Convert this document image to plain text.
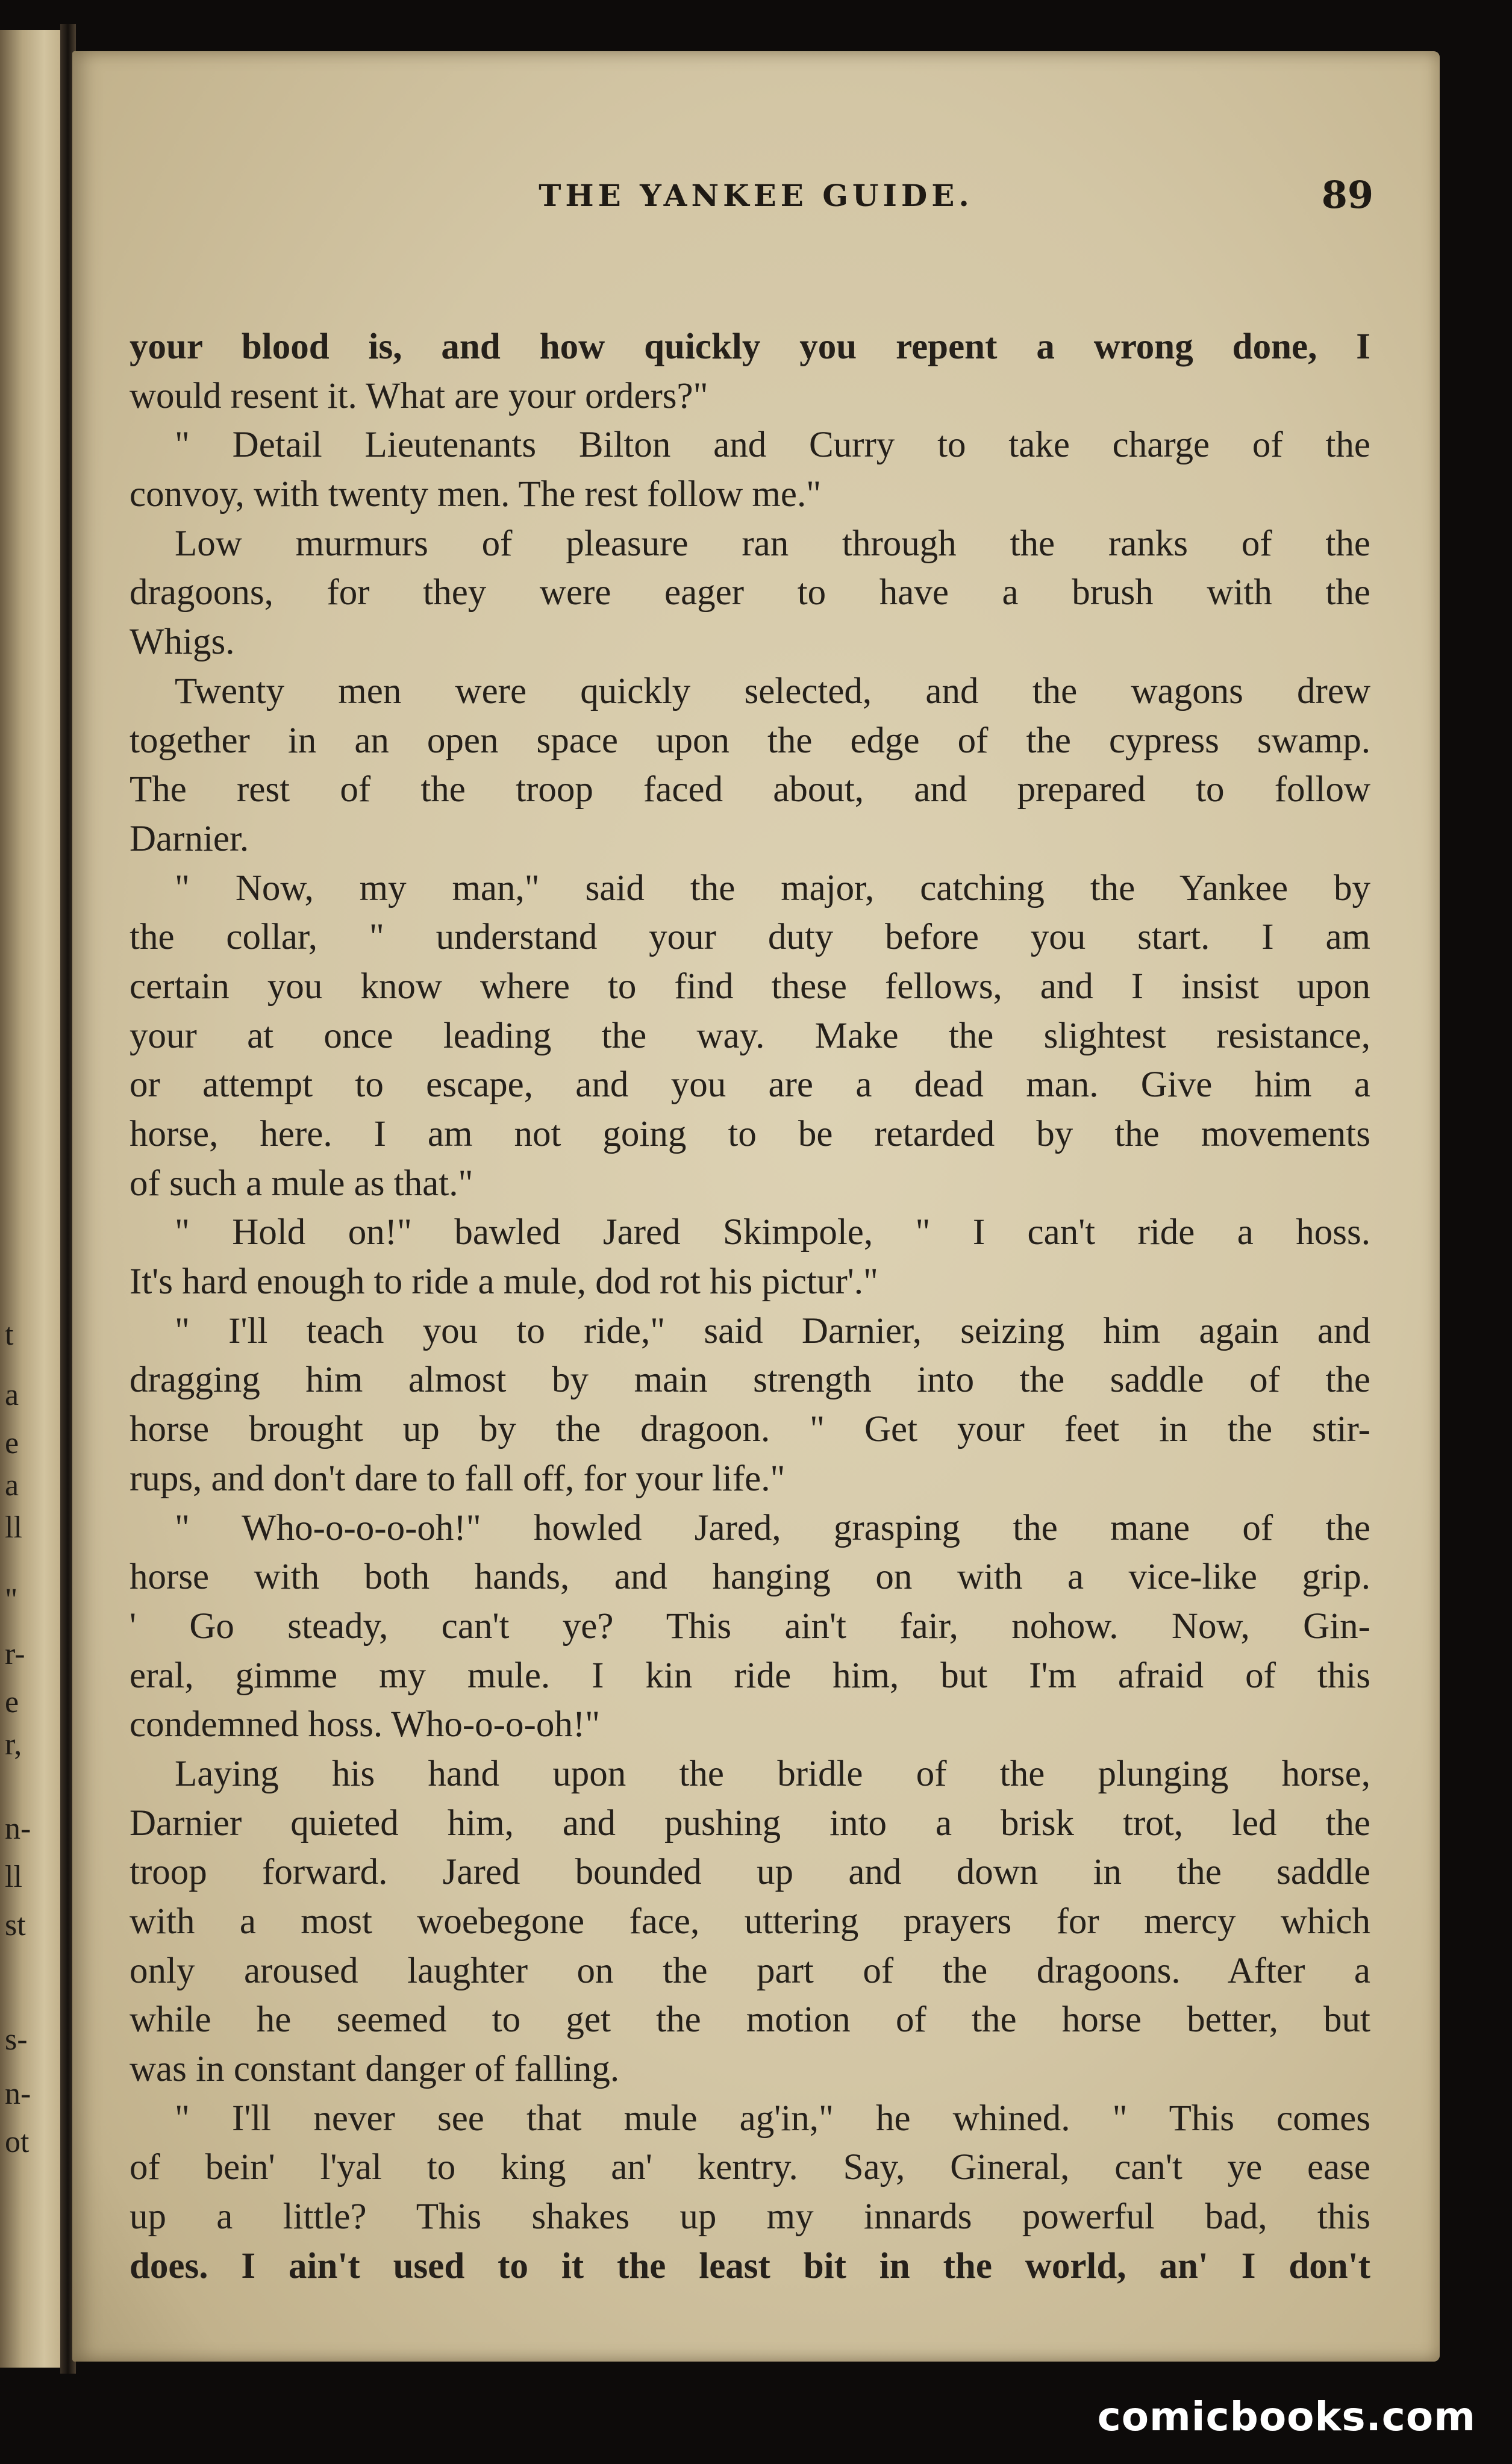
t
a
e
a
ll
"
r-
e
r,
n-
ll
st
s-
n-
ot
THE YANKEE GUIDE.	89
your blood is, and how quickly you repent a wrong done, I
would resent it. What are your orders?"
" Detail Lieutenants Bilton and Curry to take charge of the
convoy, with twenty men. The rest follow me."
Low murmurs of pleasure ran through the ranks of the
dragoons, for they were eager to have a brush with the
Whigs.
Twenty men were quickly selected, and the wagons drew
together in an open space upon the edge of the cypress swamp.
The rest of the troop faced about, and prepared to follow
Darnier.
" Now, my man," said the major, catching the Yankee by
the collar, " understand your duty before you start. I am
certain you know where to find these fellows, and I insist upon
your at once leading the way. Make the slightest resistance,
or attempt to escape, and you are a dead man. Give him a
horse, here. I am not going to be retarded by the movements
of such a mule as that."
" Hold on!" bawled Jared Skimpole, " I can't ride a hoss.
It's hard enough to ride a mule, dod rot his pictur'."
" I'll teach you to ride," said Darnier, seizing him again and
dragging him almost by main strength into the saddle of the
horse brought up by the dragoon. " Get your feet in the stir-
rups, and don't dare to fall off, for your life."
" Who-o-o-o-oh!" howled Jared, grasping the mane of the
horse with both hands, and hanging on with a vice-like grip.
' Go steady, can't ye? This ain't fair, nohow. Now, Gin-
eral, gimme my mule. I kin ride him, but I'm afraid of this
condemned hoss. Who-o-o-oh!"
Laying his hand upon the bridle of the plunging horse,
Darnier quieted him, and pushing into a brisk trot, led the
troop forward. Jared bounded up and down in the saddle
with a most woebegone face, uttering prayers for mercy which
only aroused laughter on the part of the dragoons. After a
while he seemed to get the motion of the horse better, but
was in constant danger of falling.
" I'll never see that mule ag'in," he whined. " This comes
of bein' l'yal to king an' kentry. Say, Gineral, can't ye ease
up a little? This shakes up my innards powerful bad, this
does. I ain't used to it the least bit in the world, an' I don't
comicbooks.com
